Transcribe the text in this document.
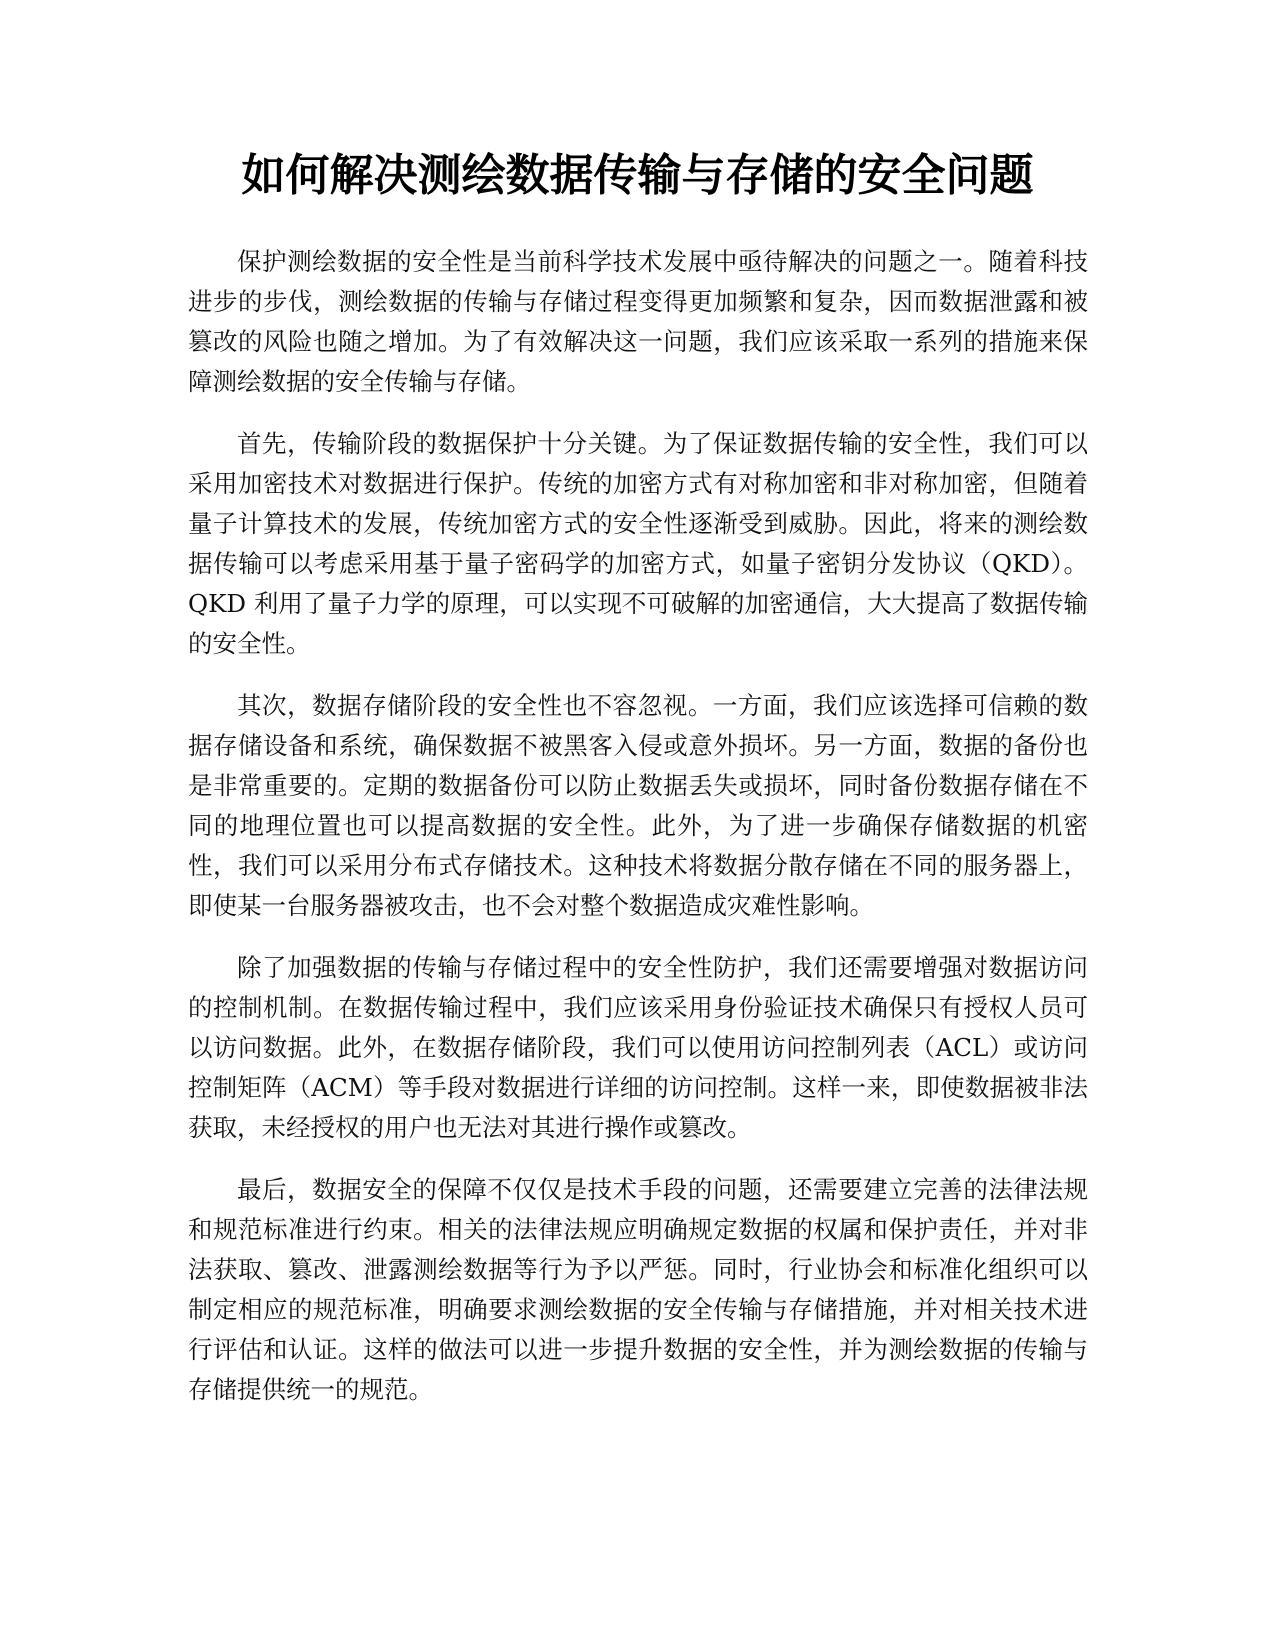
如何解决测绘数据传输与存储的安全问题

保护测绘数据的安全性是当前科学技术发展中亟待解决的问题之一。随着科技进步的步伐，测绘数据的传输与存储过程变得更加频繁和复杂，因而数据泄露和被篡改的风险也随之增加。为了有效解决这一问题，我们应该采取一系列的措施来保障测绘数据的安全传输与存储。

首先，传输阶段的数据保护十分关键。为了保证数据传输的安全性，我们可以采用加密技术对数据进行保护。传统的加密方式有对称加密和非对称加密，但随着量子计算技术的发展，传统加密方式的安全性逐渐受到威胁。因此，将来的测绘数据传输可以考虑采用基于量子密码学的加密方式，如量子密钥分发协议（QKD）。QKD 利用了量子力学的原理，可以实现不可破解的加密通信，大大提高了数据传输的安全性。

其次，数据存储阶段的安全性也不容忽视。一方面，我们应该选择可信赖的数据存储设备和系统，确保数据不被黑客入侵或意外损坏。另一方面，数据的备份也是非常重要的。定期的数据备份可以防止数据丢失或损坏，同时备份数据存储在不同的地理位置也可以提高数据的安全性。此外，为了进一步确保存储数据的机密性，我们可以采用分布式存储技术。这种技术将数据分散存储在不同的服务器上，即使某一台服务器被攻击，也不会对整个数据造成灾难性影响。

除了加强数据的传输与存储过程中的安全性防护，我们还需要增强对数据访问的控制机制。在数据传输过程中，我们应该采用身份验证技术确保只有授权人员可以访问数据。此外，在数据存储阶段，我们可以使用访问控制列表（ACL）或访问控制矩阵（ACM）等手段对数据进行详细的访问控制。这样一来，即使数据被非法获取，未经授权的用户也无法对其进行操作或篡改。

最后，数据安全的保障不仅仅是技术手段的问题，还需要建立完善的法律法规和规范标准进行约束。相关的法律法规应明确规定数据的权属和保护责任，并对非法获取、篡改、泄露测绘数据等行为予以严惩。同时，行业协会和标准化组织可以制定相应的规范标准，明确要求测绘数据的安全传输与存储措施，并对相关技术进行评估和认证。这样的做法可以进一步提升数据的安全性，并为测绘数据的传输与存储提供统一的规范。
